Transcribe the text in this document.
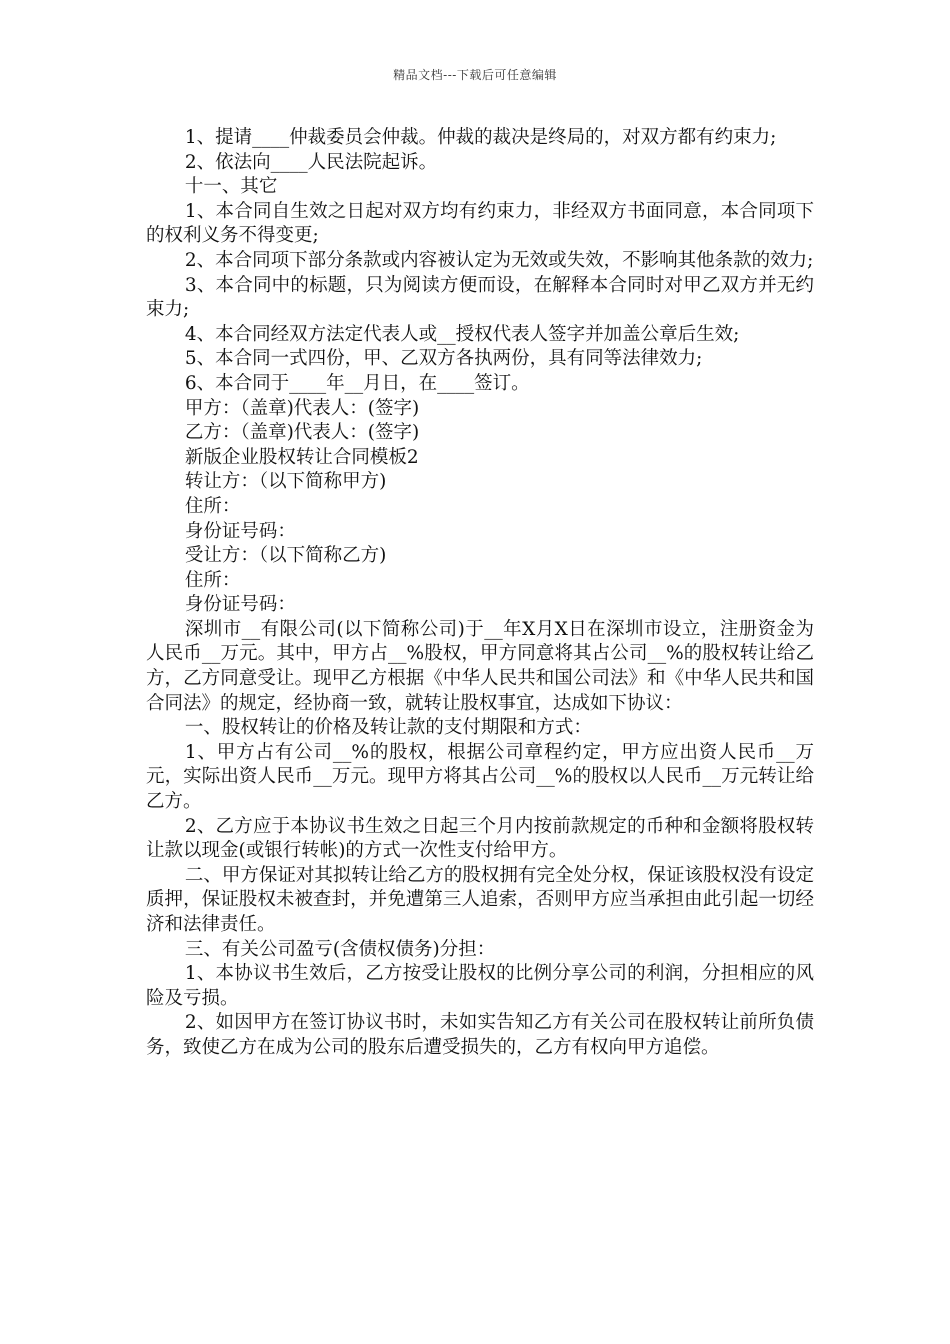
精品文档---下载后可任意编辑

1、提请____仲裁委员会仲裁。仲裁的裁决是终局的，对双方都有约束力;

2、依法向____人民法院起诉。

十一、其它

1、本合同自生效之日起对双方均有约束力，非经双方书面同意，本合同项下的权利义务不得变更;

2、本合同项下部分条款或内容被认定为无效或失效，不影响其他条款的效力;

3、本合同中的标题，只为阅读方便而设，在解释本合同时对甲乙双方并无约束力;

4、本合同经双方法定代表人或__授权代表人签字并加盖公章后生效;

5、本合同一式四份，甲、乙双方各执两份，具有同等法律效力;

6、本合同于____年__月日，在____签订。

甲方：（盖章)代表人：(签字)

乙方：（盖章)代表人：(签字)

新版企业股权转让合同模板2

转让方：（以下简称甲方)

住所：

身份证号码：

受让方：（以下简称乙方)

住所：

身份证号码：

深圳市__有限公司(以下简称公司)于__年X月X日在深圳市设立，注册资金为人民币__万元。其中，甲方占__%股权，甲方同意将其占公司__%的股权转让给乙方，乙方同意受让。现甲乙方根据《中华人民共和国公司法》和《中华人民共和国合同法》的规定，经协商一致，就转让股权事宜，达成如下协议：

一、股权转让的价格及转让款的支付期限和方式：

1、甲方占有公司__%的股权，根据公司章程约定，甲方应出资人民币__万元，实际出资人民币__万元。现甲方将其占公司__%的股权以人民币__万元转让给乙方。

2、乙方应于本协议书生效之日起三个月内按前款规定的币种和金额将股权转让款以现金(或银行转帐)的方式一次性支付给甲方。

二、甲方保证对其拟转让给乙方的股权拥有完全处分权，保证该股权没有设定质押，保证股权未被查封，并免遭第三人追索，否则甲方应当承担由此引起一切经济和法律责任。

三、有关公司盈亏(含债权债务)分担：

1、本协议书生效后，乙方按受让股权的比例分享公司的利润，分担相应的风险及亏损。

2、如因甲方在签订协议书时，未如实告知乙方有关公司在股权转让前所负债务，致使乙方在成为公司的股东后遭受损失的，乙方有权向甲方追偿。
